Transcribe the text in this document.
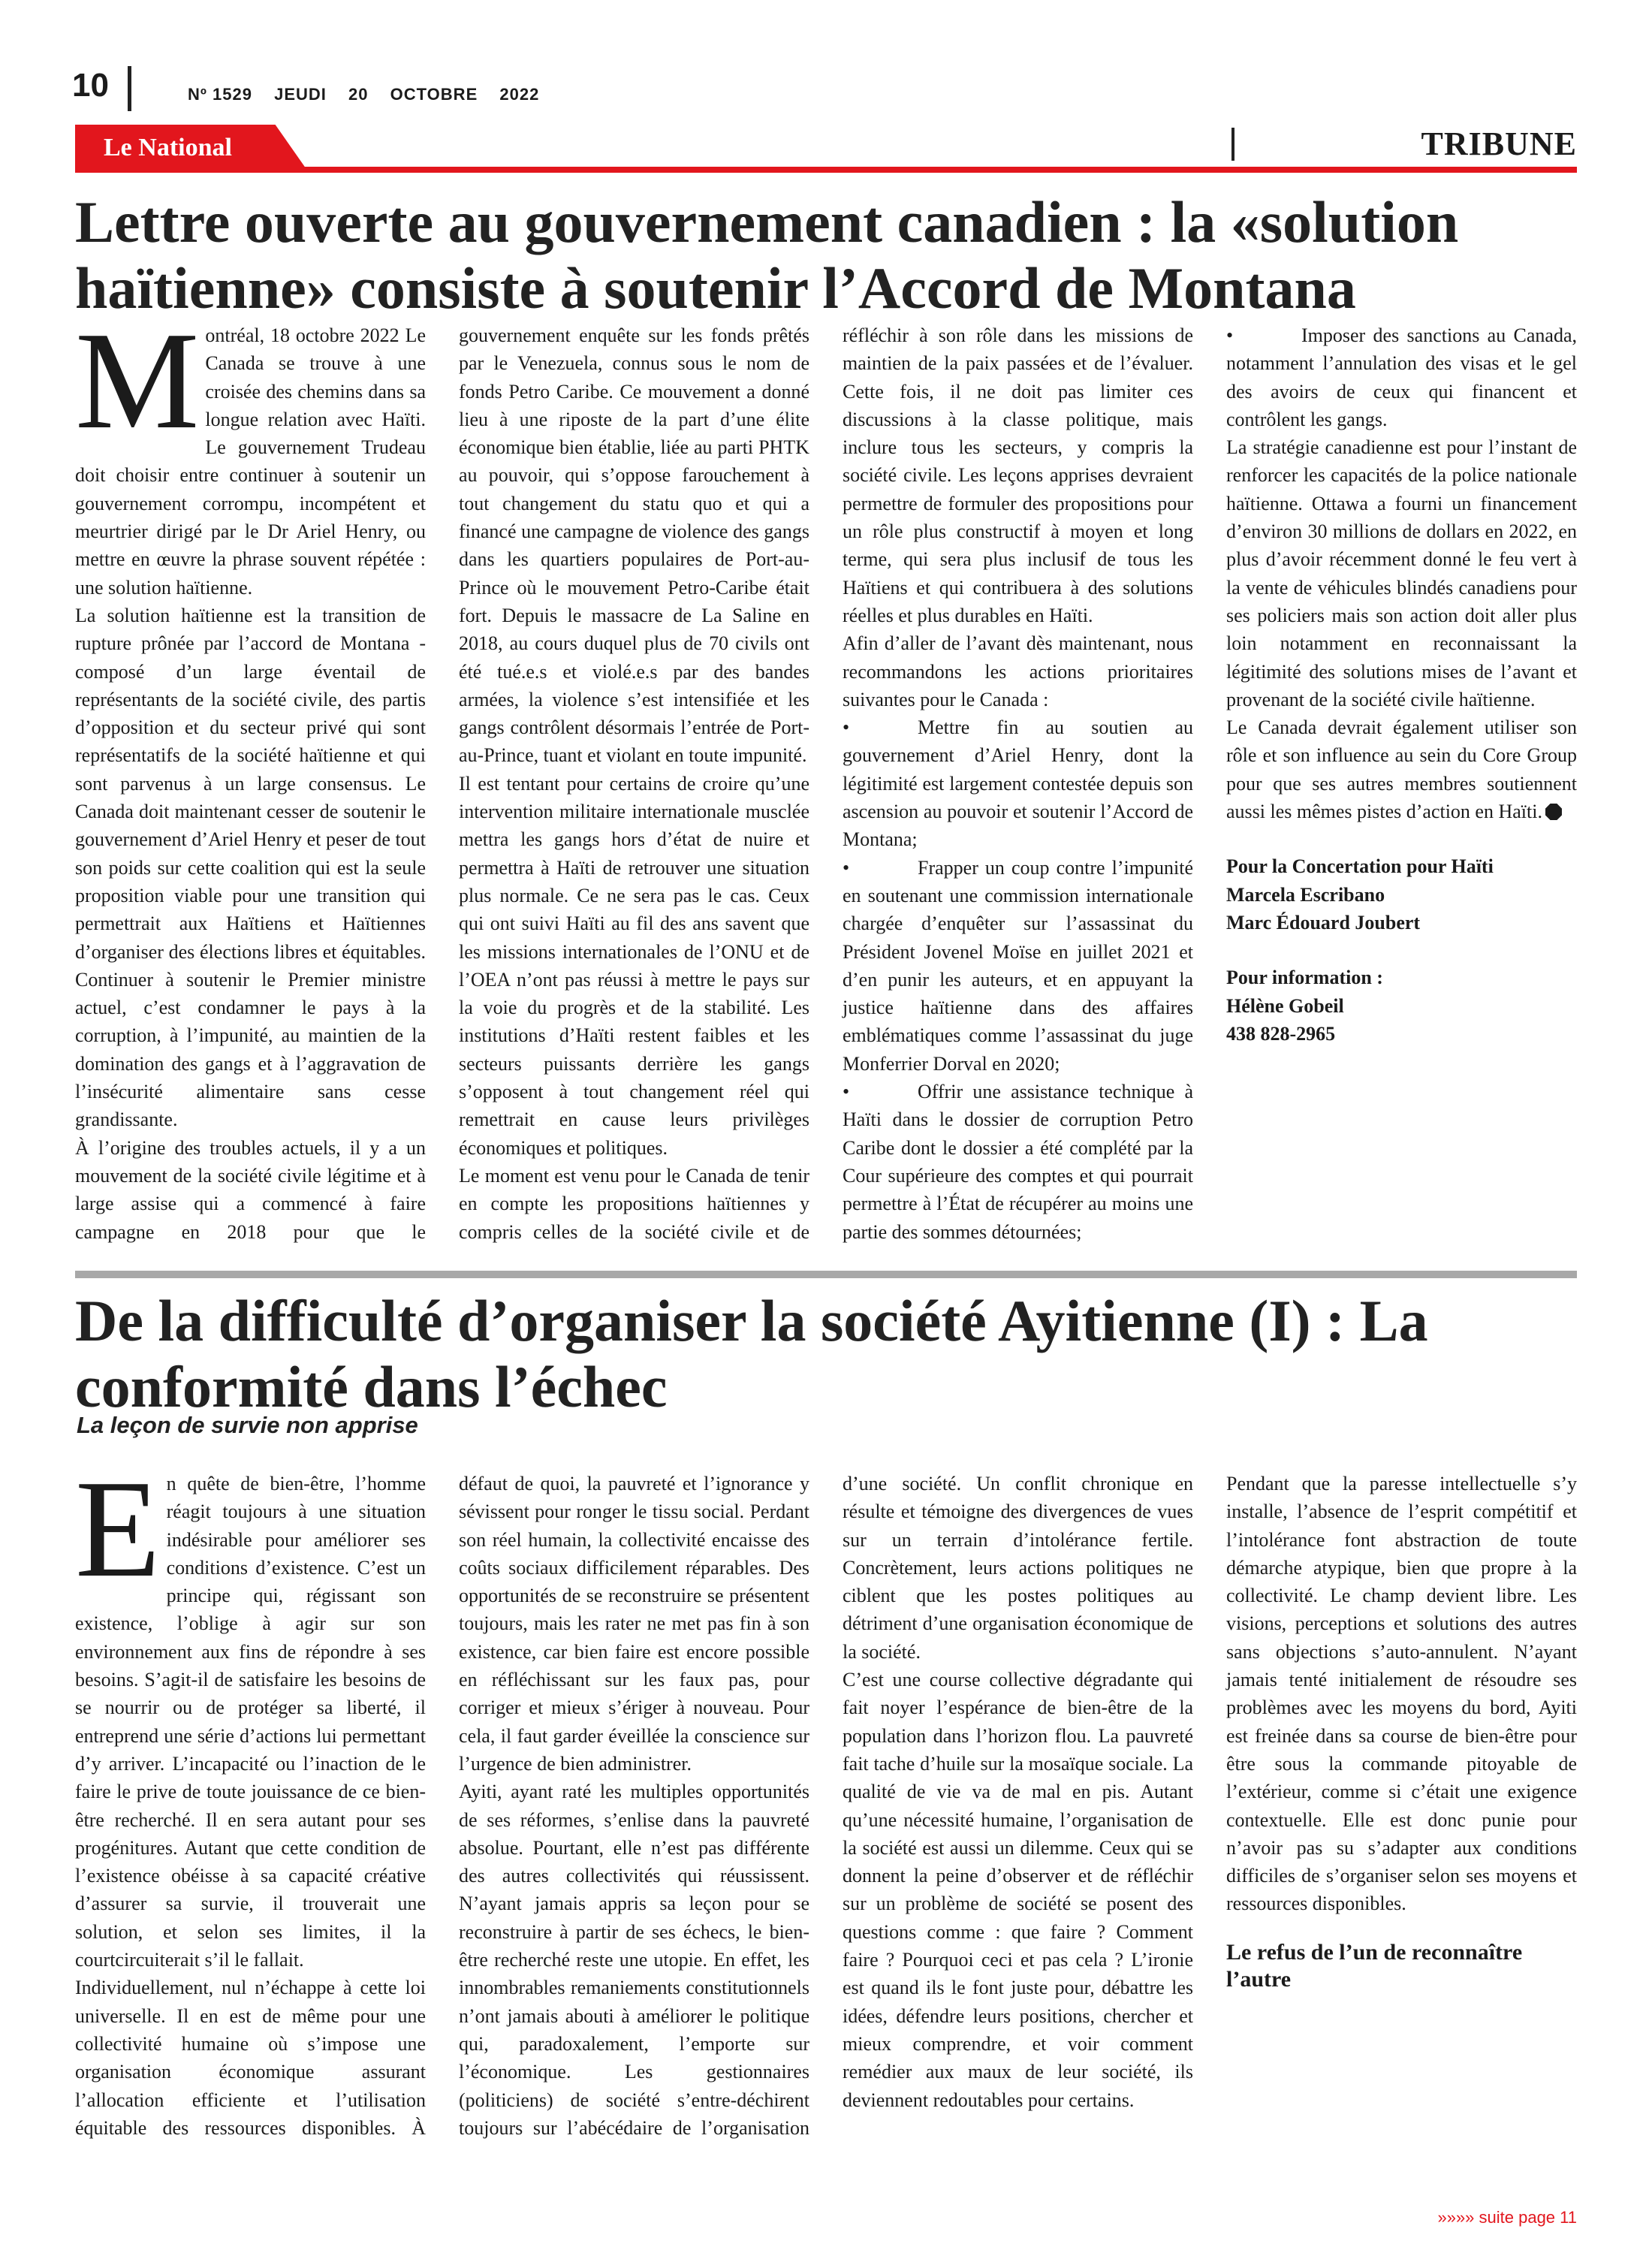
10	Nº 1529 JEUDI 20 OCTOBRE 2022
Le National	TRIBUNE
Lettre ouverte au gouvernement canadien : la «solution haïtienne» consiste à soutenir l’Accord de Montana

Montréal, 18 octobre 2022 Le Canada se trouve à une croisée des chemins dans sa longue relation avec Haïti. Le gouvernement Trudeau doit choisir entre continuer à soutenir un gouvernement corrompu, incompétent et meurtrier dirigé par le Dr Ariel Henry, ou mettre en œuvre la phrase souvent répétée : une solution haïtienne.

La solution haïtienne est la transition de rupture prônée par l’accord de Montana - composé d’un large éventail de représentants de la société civile, des partis d’opposition et du secteur privé qui sont représentatifs de la société haïtienne et qui sont parvenus à un large consensus. Le Canada doit maintenant cesser de soutenir le gouvernement d’Ariel Henry et peser de tout son poids sur cette coalition qui est la seule proposition viable pour une transition qui permettrait aux Haïtiens et Haïtiennes d’organiser des élections libres et équitables. Continuer à soutenir le Premier ministre actuel, c’est condamner le pays à la corruption, à l’impunité, au maintien de la domination des gangs et à l’aggravation de l’insécurité alimentaire sans cesse grandissante.

À l’origine des troubles actuels, il y a un mouvement de la société civile légitime et à large assise qui a commencé à faire campagne en 2018 pour que le gouvernement enquête sur les fonds prêtés par le Venezuela, connus sous le nom de fonds Petro Caribe. Ce mouvement a donné lieu à une riposte de la part d’une élite économique bien établie, liée au parti PHTK au pouvoir, qui s’oppose farouchement à tout changement du statu quo et qui a financé une campagne de violence des gangs dans les quartiers populaires de Port-au-Prince où le mouvement Petro-Caribe était fort. Depuis le massacre de La Saline en 2018, au cours duquel plus de 70 civils ont été tué.e.s et violé.e.s par des bandes armées, la violence s’est intensifiée et les gangs contrôlent désormais l’entrée de Port-au-Prince, tuant et violant en toute impunité.

Il est tentant pour certains de croire qu’une intervention militaire internationale musclée mettra les gangs hors d’état de nuire et permettra à Haïti de retrouver une situation plus normale. Ce ne sera pas le cas. Ceux qui ont suivi Haïti au fil des ans savent que les missions internationales de l’ONU et de l’OEA n’ont pas réussi à mettre le pays sur la voie du progrès et de la stabilité. Les institutions d’Haïti restent faibles et les secteurs puissants derrière les gangs s’opposent à tout changement réel qui remettrait en cause leurs privilèges économiques et politiques.

Le moment est venu pour le Canada de tenir en compte les propositions haïtiennes y compris celles de la société civile et de réfléchir à son rôle dans les missions de maintien de la paix passées et de l’évaluer. Cette fois, il ne doit pas limiter ces discussions à la classe politique, mais inclure tous les secteurs, y compris la société civile. Les leçons apprises devraient permettre de formuler des propositions pour un rôle plus constructif à moyen et long terme, qui sera plus inclusif de tous les Haïtiens et qui contribuera à des solutions réelles et plus durables en Haïti.

Afin d’aller de l’avant dès maintenant, nous recommandons les actions prioritaires suivantes pour le Canada :

•	Mettre fin au soutien au gouvernement d’Ariel Henry, dont la légitimité est largement contestée depuis son ascension au pouvoir et soutenir l’Accord de Montana;

•	Frapper un coup contre l’impunité en soutenant une commission internationale chargée d’enquêter sur l’assassinat du Président Jovenel Moïse en juillet 2021 et d’en punir les auteurs, et en appuyant la justice haïtienne dans des affaires emblématiques comme l’assassinat du juge Monferrier Dorval en 2020;

•	Offrir une assistance technique à Haïti dans le dossier de corruption Petro Caribe dont le dossier a été complété par la Cour supérieure des comptes et qui pourrait permettre à l’État de récupérer au moins une partie des sommes détournées;

•	Imposer des sanctions au Canada, notamment l’annulation des visas et le gel des avoirs de ceux qui financent et contrôlent les gangs.

La stratégie canadienne est pour l’instant de renforcer les capacités de la police nationale haïtienne. Ottawa a fourni un financement d’environ 30 millions de dollars en 2022, en plus d’avoir récemment donné le feu vert à la vente de véhicules blindés canadiens pour ses policiers mais son action doit aller plus loin notamment en reconnaissant la légitimité des solutions mises de l’avant et provenant de la société civile haïtienne.

Le Canada devrait également utiliser son rôle et son influence au sein du Core Group pour que ses autres membres soutiennent aussi les mêmes pistes d’action en Haïti.

Pour la Concertation pour Haïti
Marcela Escribano
Marc Édouard Joubert

Pour information :
Hélène Gobeil
438 828-2965

De la difficulté d’organiser la société Ayitienne (I) : La conformité dans l’échec
La leçon de survie non apprise

En quête de bien-être, l’homme réagit toujours à une situation indésirable pour améliorer ses conditions d’existence. C’est un principe qui, régissant son existence, l’oblige à agir sur son environnement aux fins de répondre à ses besoins. S’agit-il de satisfaire les besoins de se nourrir ou de protéger sa liberté, il entreprend une série d’actions lui permettant d’y arriver. L’incapacité ou l’inaction de le faire le prive de toute jouissance de ce bien-être recherché. Il en sera autant pour ses progénitures. Autant que cette condition de l’existence obéisse à sa capacité créative d’assurer sa survie, il trouverait une solution, et selon ses limites, il la courtcircuiterait s’il le fallait.

Individuellement, nul n’échappe à cette loi universelle. Il en est de même pour une collectivité humaine où s’impose une organisation économique assurant l’allocation efficiente et l’utilisation équitable des ressources disponibles. À défaut de quoi, la pauvreté et l’ignorance y sévissent pour ronger le tissu social. Perdant son réel humain, la collectivité encaisse des coûts sociaux difficilement réparables. Des opportunités de se reconstruire se présentent toujours, mais les rater ne met pas fin à son existence, car bien faire est encore possible en réfléchissant sur les faux pas, pour corriger et mieux s’ériger à nouveau. Pour cela, il faut garder éveillée la conscience sur l’urgence de bien administrer.

Ayiti, ayant raté les multiples opportunités de ses réformes, s’enlise dans la pauvreté absolue. Pourtant, elle n’est pas différente des autres collectivités qui réussissent. N’ayant jamais appris sa leçon pour se reconstruire à partir de ses échecs, le bien-être recherché reste une utopie. En effet, les innombrables remaniements constitutionnels n’ont jamais abouti à améliorer le politique qui, paradoxalement, l’emporte sur l’économique. Les gestionnaires (politiciens) de société s’entre-déchirent toujours sur l’abécédaire de l’organisation d’une société. Un conflit chronique en résulte et témoigne des divergences de vues sur un terrain d’intolérance fertile. Concrètement, leurs actions politiques ne ciblent que les postes politiques au détriment d’une organisation économique de la société.

C’est une course collective dégradante qui fait noyer l’espérance de bien-être de la population dans l’horizon flou. La pauvreté fait tache d’huile sur la mosaïque sociale. La qualité de vie va de mal en pis. Autant qu’une nécessité humaine, l’organisation de la société est aussi un dilemme. Ceux qui se donnent la peine d’observer et de réfléchir sur un problème de société se posent des questions comme : que faire ? Comment faire ? Pourquoi ceci et pas cela ? L’ironie est quand ils le font juste pour, débattre les idées, défendre leurs positions, chercher et mieux comprendre, et voir comment remédier aux maux de leur société, ils deviennent redoutables pour certains.

Pendant que la paresse intellectuelle s’y installe, l’absence de l’esprit compétitif et l’intolérance font abstraction de toute démarche atypique, bien que propre à la collectivité. Le champ devient libre. Les visions, perceptions et solutions des autres sans objections s’auto-annulent. N’ayant jamais tenté initialement de résoudre ses problèmes avec les moyens du bord, Ayiti est freinée dans sa course de bien-être pour être sous la commande pitoyable de l’extérieur, comme si c’était une exigence contextuelle. Elle est donc punie pour n’avoir pas su s’adapter aux conditions difficiles de s’organiser selon ses moyens et ressources disponibles.

Le refus de l’un de reconnaître l’autre

»»»» suite page 11
